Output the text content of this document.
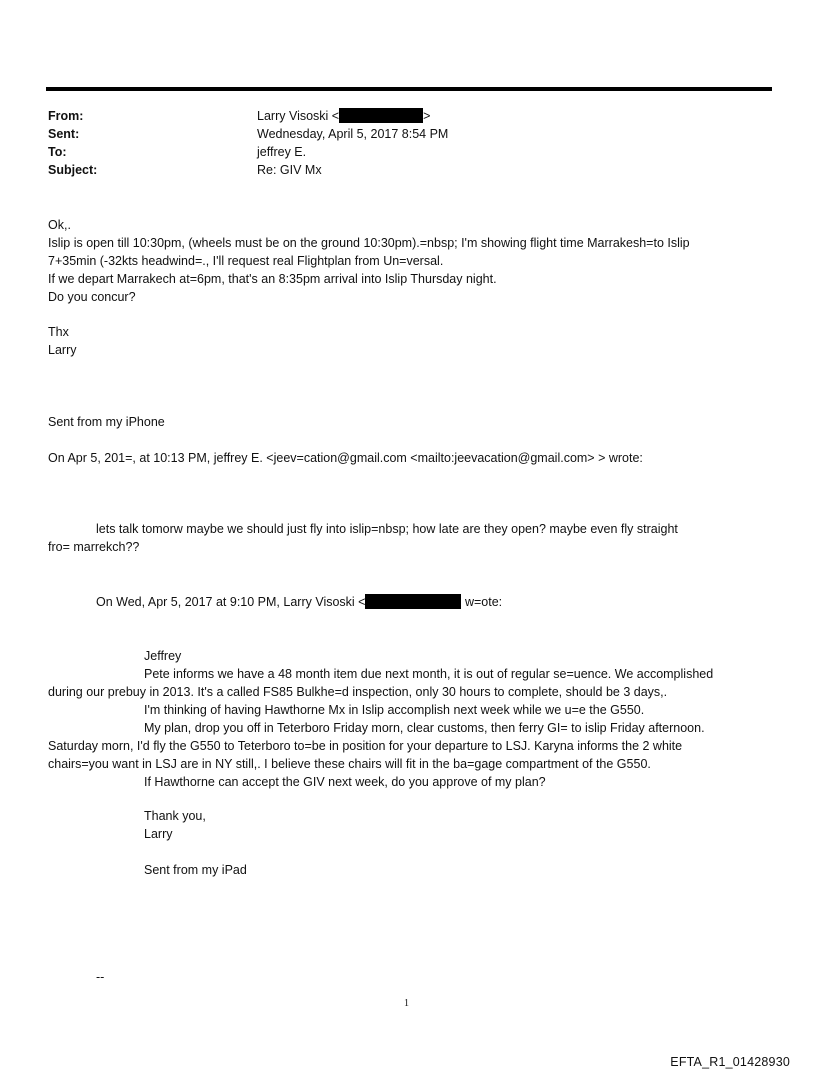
From:	Larry Visoski <	>
Sent:	Wednesday, April 5, 2017 8:54 PM
To:	jeffrey E.
Subject:	Re: GIV Mx
Ok,.
Islip is open till 10:30pm, (wheels must be on the ground 10:30pm).=nbsp; I'm showing flight time Marrakesh=to Islip
7+35min (-32kts headwind=., I'll request real Flightplan from Un=versal.
If we depart Marrakech at=6pm, that's an 8:35pm arrival into Islip Thursday night.
Do you concur?
Thx
Larry
Sent from my iPhone
On Apr 5, 201=, at 10:13 PM, jeffrey E. <jeev=cation@gmail.com <mailto:jeevacation@gmail.com> > wrote:
lets talk tomorw maybe we should just fly into islip=nbsp; how late are they open? maybe even fly straight
fro= marrekch??
On Wed, Apr 5, 2017 at 9:10 PM, Larry Visoski <	w=ote:
Jeffrey
Pete informs we have a 48 month item due next month, it is out of regular se=uence. We accomplished
during our prebuy in 2013. It's a called FS85 Bulkhe=d inspection, only 30 hours to complete, should be 3 days,.
I'm thinking of having Hawthorne Mx in Islip accomplish next week while we u=e the G550.
My plan, drop you off in Teterboro Friday morn, clear customs, then ferry GI= to islip Friday afternoon.
Saturday morn, I'd fly the G550 to Teterboro to=be in position for your departure to LSJ. Karyna informs the 2 white
chairs=you want in LSJ are in NY still,. I believe these chairs will fit in the ba=gage compartment of the G550.
If Hawthorne can accept the GIV next week, do you approve of my plan?
Thank you,
Larry
Sent from my iPad
--
1
EFTA_R1_01428930
